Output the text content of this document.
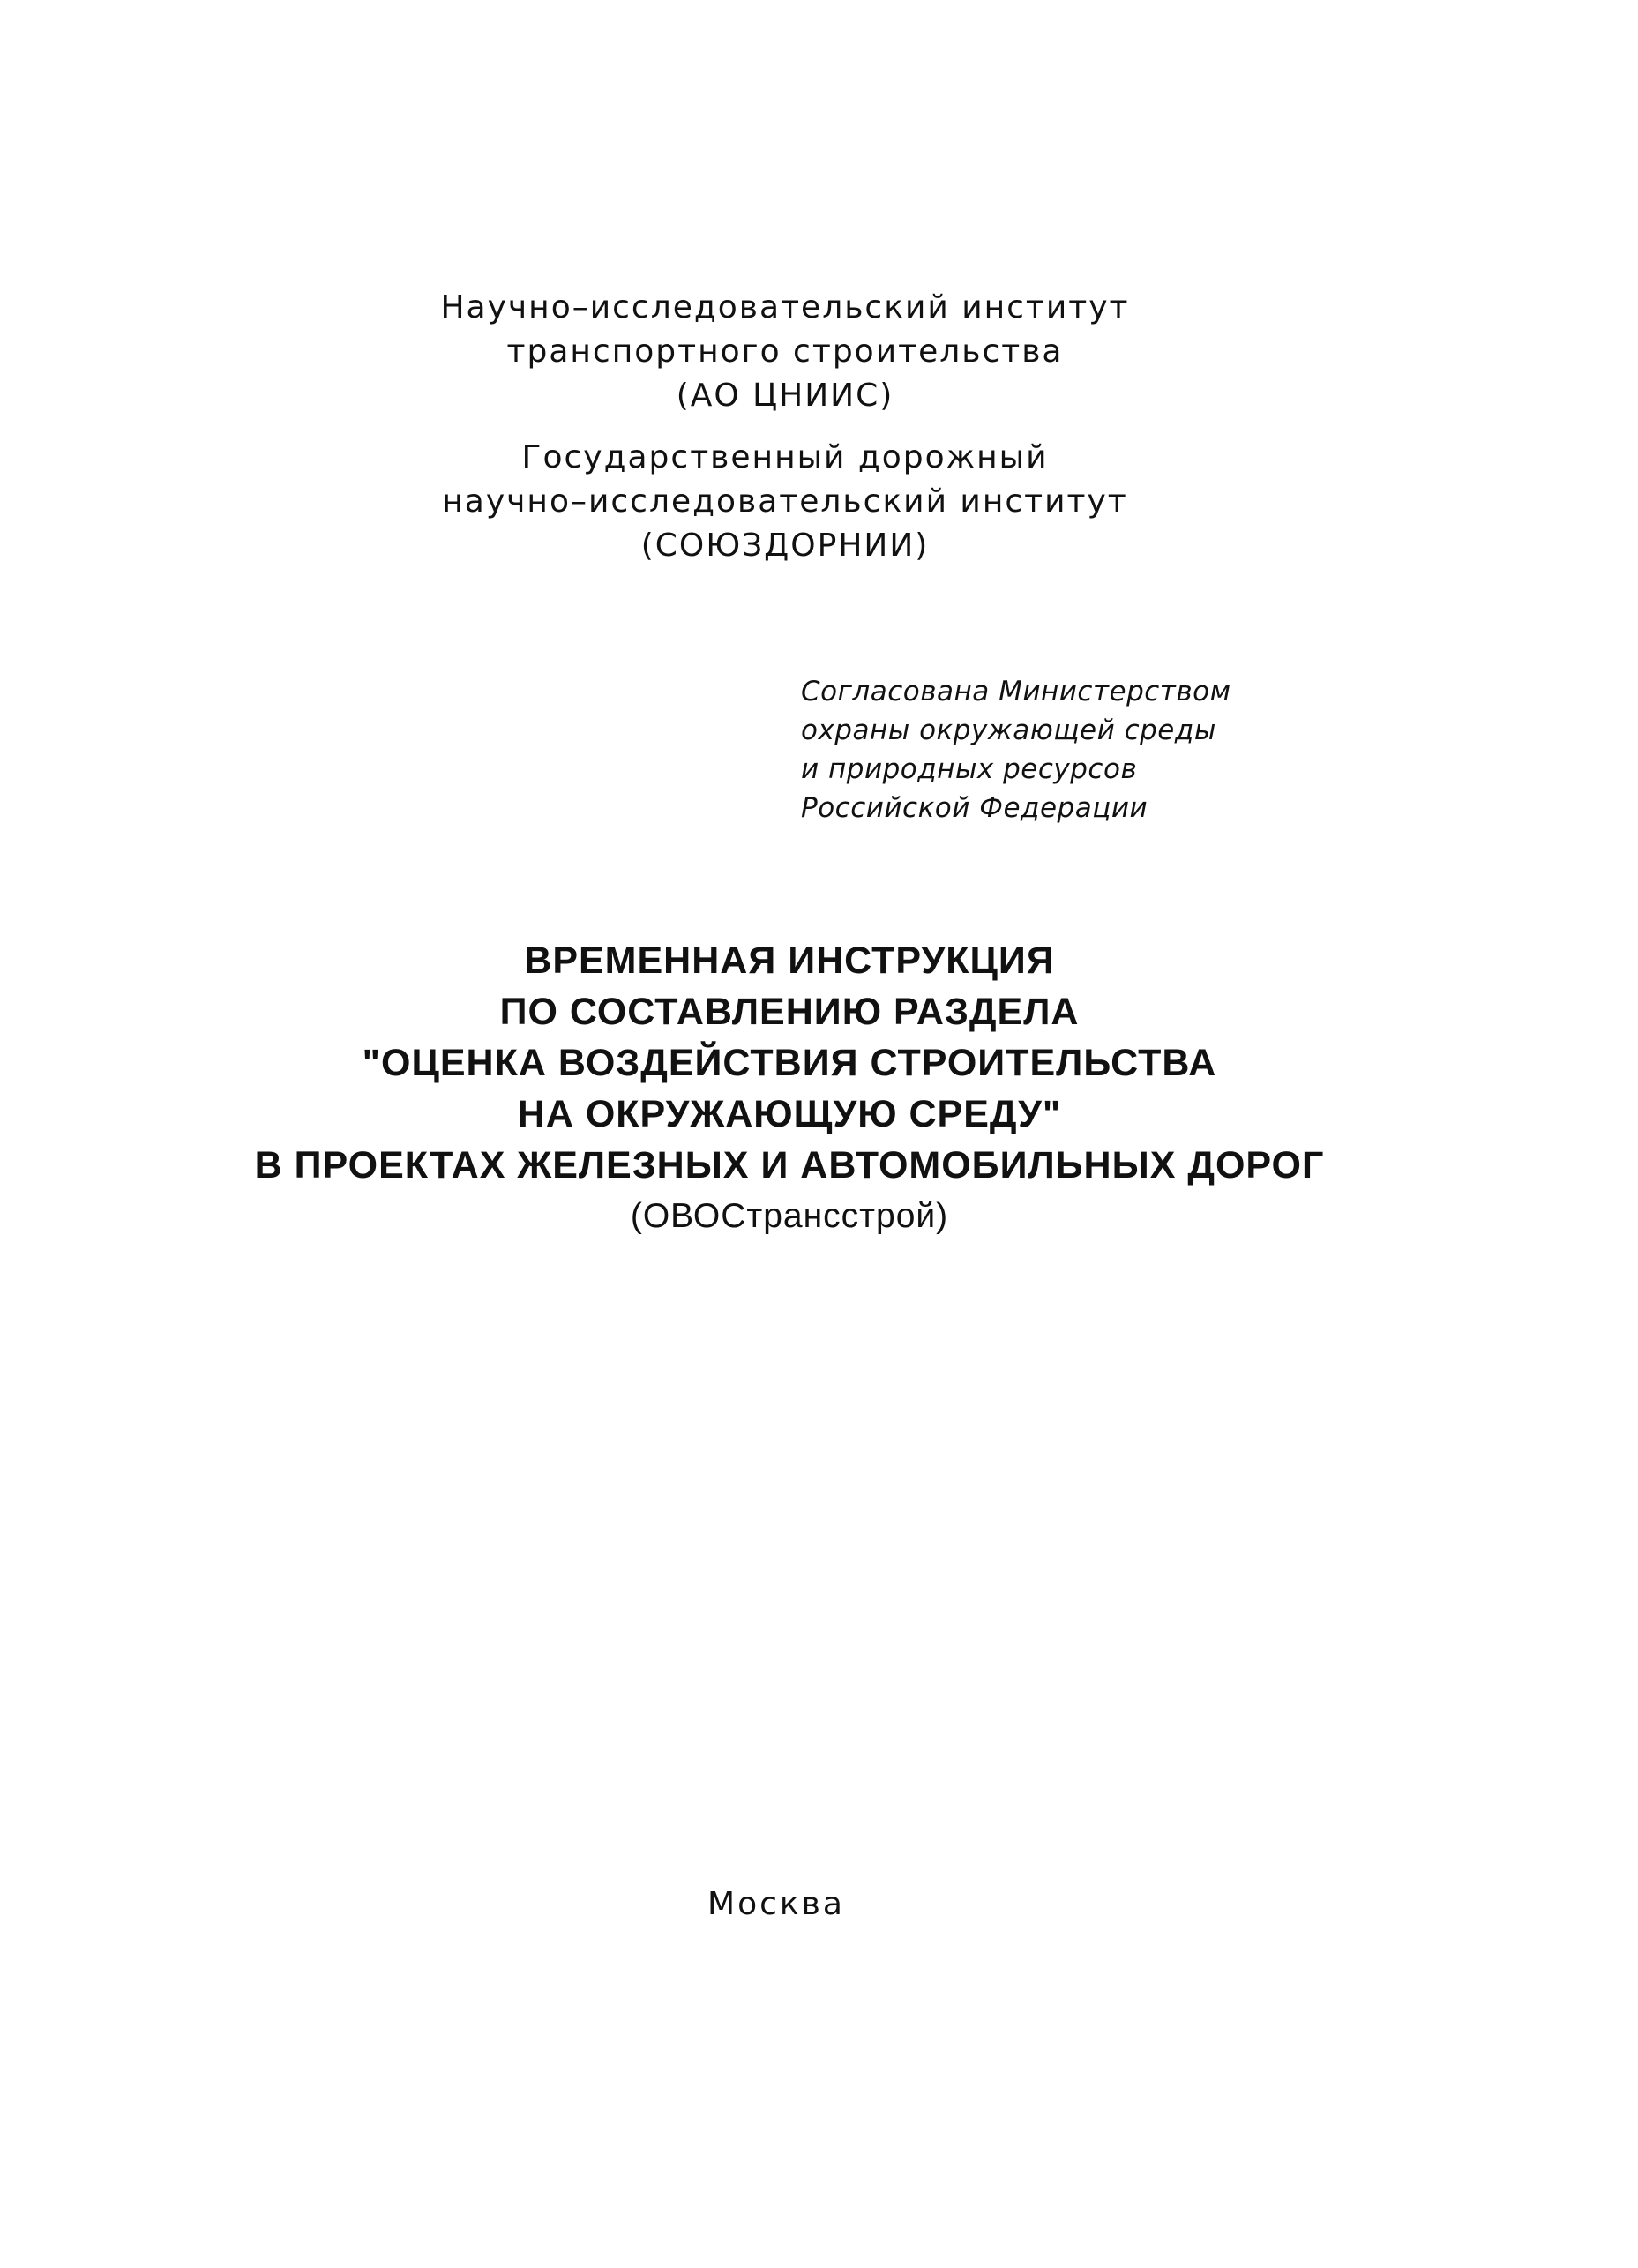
Научно–исследовательский институт
транспортного строительства
(АО ЦНИИС)
Государственный дорожный
научно–исследовательский институт
(СОЮЗДОРНИИ)
Согласована Министерством
охраны окружающей среды
и природных ресурсов
Российской Федерации
ВРЕМЕННАЯ ИНСТРУКЦИЯ
ПО СОСТАВЛЕНИЮ РАЗДЕЛА
"ОЦЕНКА ВОЗДЕЙСТВИЯ СТРОИТЕЛЬСТВА
НА ОКРУЖАЮЩУЮ СРЕДУ"
В ПРОЕКТАХ ЖЕЛЕЗНЫХ И АВТОМОБИЛЬНЫХ ДОРОГ
(ОВОСтрансстрой)
Москва
